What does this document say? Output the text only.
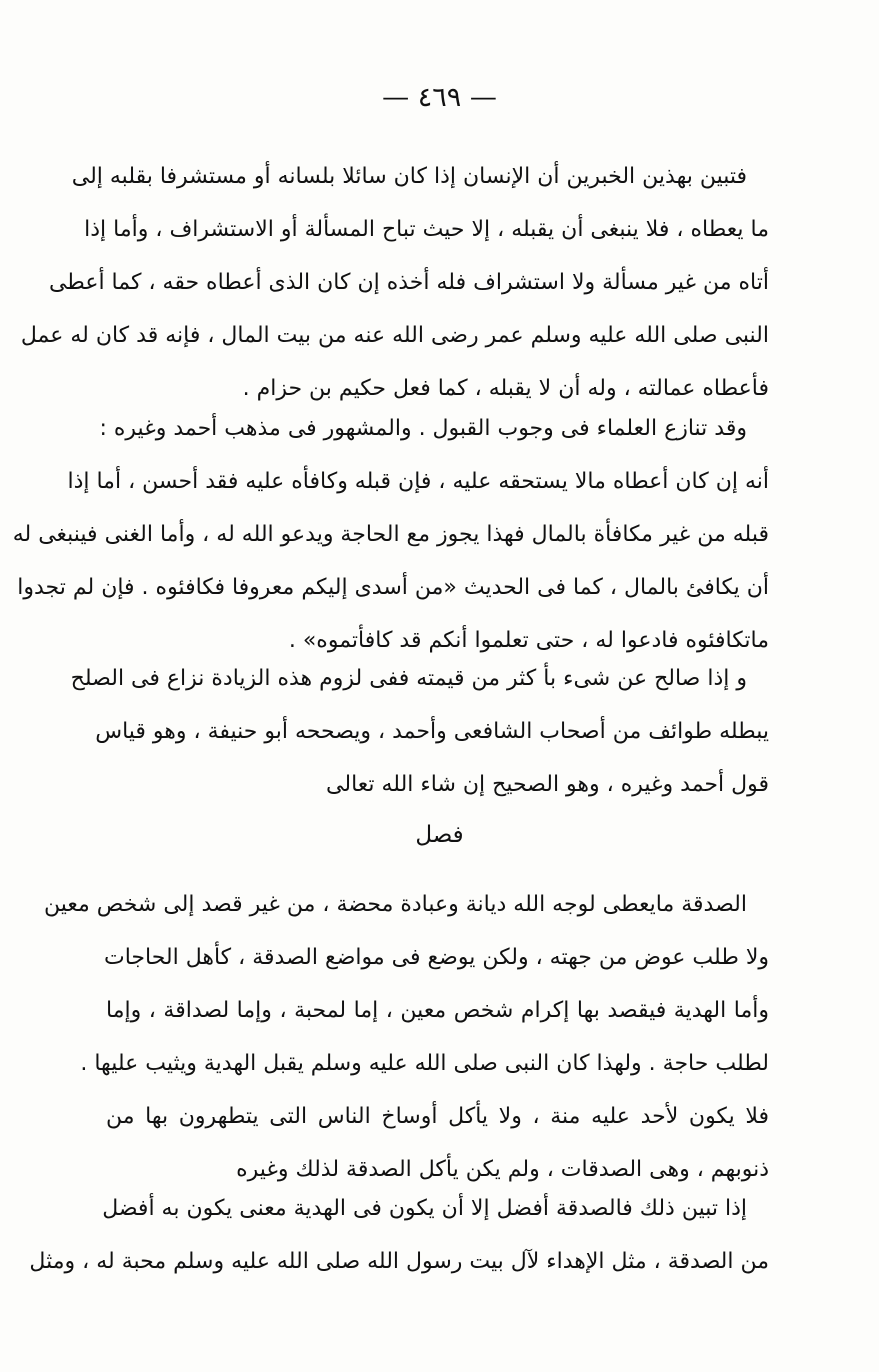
— ٤٦٩ —
فتبين بهذين الخبرين أن الإنسان إذا كان سائلا بلسانه أو مستشرفا بقلبه إلى
ما يعطاه ، فلا ينبغى أن يقبله ، إلا حيث تباح المسألة أو الاستشراف ، وأما إذا
أتاه من غير مسألة ولا استشراف فله أخذه إن كان الذى أعطاه حقه ، كما أعطى
النبى صلى الله عليه وسلم عمر رضى الله عنه من بيت المال ، فإنه قد كان له عمل
فأعطاه عمالته ، وله أن لا يقبله ، كما فعل حكيم بن حزام .
وقد تنازع العلماء فى وجوب القبول . والمشهور فى مذهب أحمد وغيره :
أنه إن كان أعطاه مالا يستحقه عليه ، فإن قبله وكافأه عليه فقد أحسن ، أما إذا
قبله من غير مكافأة بالمال فهذا يجوز مع الحاجة ويدعو الله له ، وأما الغنى فينبغى له
أن يكافئ بالمال ، كما فى الحديث «من أسدى إليكم معروفا فكافئوه . فإن لم تجدوا
ماتكافئوه فادعوا له ، حتى تعلموا أنكم قد كافأتموه» .
و إذا صالح عن شىء بأ كثر من قيمته ففى لزوم هذه الزيادة نزاع فى الصلح
يبطله طوائف من أصحاب الشافعى وأحمد ، ويصححه أبو حنيفة ، وهو قياس
قول أحمد وغيره ، وهو الصحيح إن شاء الله تعالى
فصل
الصدقة مايعطى لوجه الله ديانة وعبادة محضة ، من غير قصد إلى شخص معين
ولا طلب عوض من جهته ، ولكن يوضع فى مواضع الصدقة ، كأهل الحاجات
وأما الهدية فيقصد بها إكرام شخص معين ، إما لمحبة ، وإما لصداقة ، وإما
لطلب حاجة . ولهذا كان النبى صلى الله عليه وسلم يقبل الهدية ويثيب عليها .
فلا يكون لأحد عليه منة ، ولا يأكل أوساخ الناس التى يتطهرون بها من
ذنوبهم ، وهى الصدقات ، ولم يكن يأكل الصدقة لذلك وغيره
إذا تبين ذلك فالصدقة أفضل إلا أن يكون فى الهدية معنى يكون به أفضل
من الصدقة ، مثل الإهداء لآل بيت رسول الله صلى الله عليه وسلم محبة له ، ومثل
